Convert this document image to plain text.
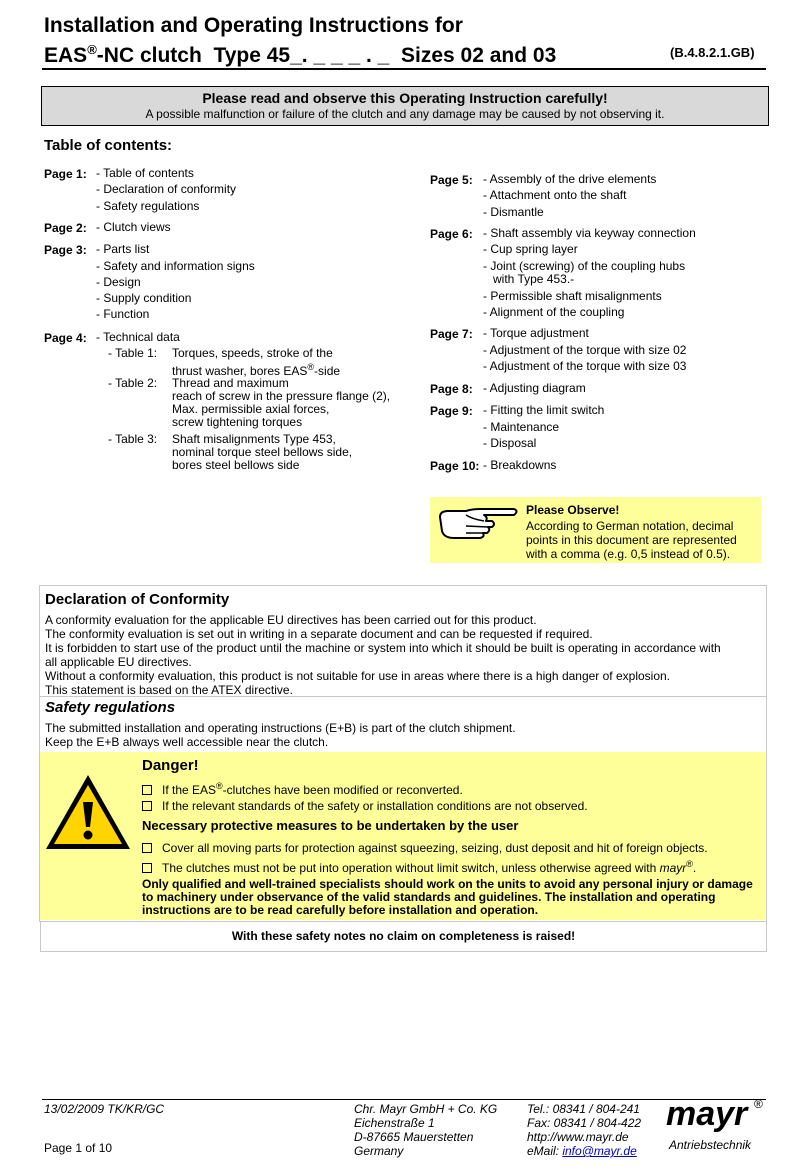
Installation and Operating Instructions for
EAS®-NC clutch  Type 45_. _ _ _ . _  Sizes 02 and 03	(B.4.8.2.1.GB)
Please read and observe this Operating Instruction carefully!
A possible malfunction or failure of the clutch and any damage may be caused by not observing it.
Table of contents:
Page 1: - Table of contents
- Declaration of conformity
- Safety regulations
Page 2: - Clutch views
Page 3: - Parts list
- Safety and information signs
- Design
- Supply condition
- Function
Page 4: - Technical data
- Table 1: Torques, speeds, stroke of the
thrust washer, bores EAS®-side
- Table 2: Thread and maximum
reach of screw in the pressure flange (2),
Max. permissible axial forces,
screw tightening torques
- Table 3: Shaft misalignments Type 453,
nominal torque steel bellows side,
bores steel bellows side
Page 5: - Assembly of the drive elements
- Attachment onto the shaft
- Dismantle
Page 6: - Shaft assembly via keyway connection
- Cup spring layer
- Joint (screwing) of the coupling hubs
with Type 453.-
- Permissible shaft misalignments
- Alignment of the coupling
Page 7: - Torque adjustment
- Adjustment of the torque with size 02
- Adjustment of the torque with size 03
Page 8: - Adjusting diagram
Page 9: - Fitting the limit switch
- Maintenance
- Disposal
Page 10: - Breakdowns
Please Observe!
According to German notation, decimal points in this document are represented with a comma (e.g. 0,5 instead of 0.5).
Declaration of Conformity
A conformity evaluation for the applicable EU directives has been carried out for this product.
The conformity evaluation is set out in writing in a separate document and can be requested if required.
It is forbidden to start use of the product until the machine or system into which it should be built is operating in accordance with all applicable EU directives.
Without a conformity evaluation, this product is not suitable for use in areas where there is a high danger of explosion.
This statement is based on the ATEX directive.
Safety regulations
The submitted installation and operating instructions (E+B) is part of the clutch shipment.
Keep the E+B always well accessible near the clutch.
Danger!
If the EAS®-clutches have been modified or reconverted.
If the relevant standards of the safety or installation conditions are not observed.
Necessary protective measures to be undertaken by the user
Cover all moving parts for protection against squeezing, seizing, dust deposit and hit of foreign objects.
The clutches must not be put into operation without limit switch, unless otherwise agreed with mayr®.
Only qualified and well-trained specialists should work on the units to avoid any personal injury or damage to machinery under observance of the valid standards and guidelines. The installation and operating instructions are to be read carefully before installation and operation.
With these safety notes no claim on completeness is raised!
13/02/2009 TK/KR/GC
Page 1 of 10
Chr. Mayr GmbH + Co. KG
Eichenstraße 1
D-87665 Mauerstetten
Germany
Tel.: 08341 / 804-241
Fax: 08341 / 804-422
http://www.mayr.de
eMail: info@mayr.de
mayr ®
Antriebstechnik
